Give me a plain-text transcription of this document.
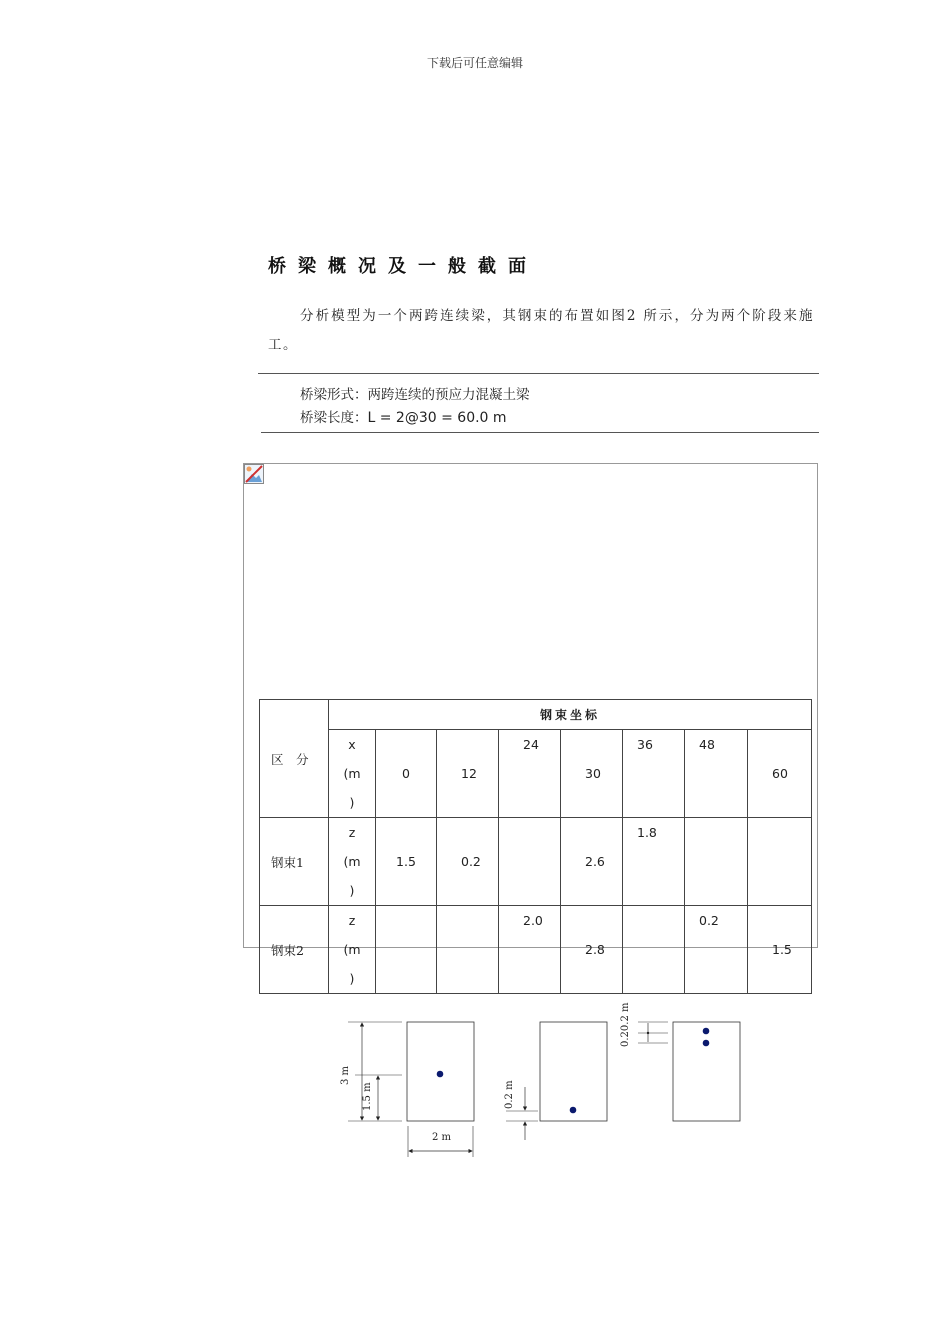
下载后可任意编辑
桥梁概况及一般截面
分析模型为一个两跨连续梁，其钢束的布置如图2 所示，分为两个阶段来施工。
桥梁形式：两跨连续的预应力混凝土梁
桥梁长度：L = 2@30 = 60.0 m
区　分	钢束坐标							

	x
(m
)	0	12	24	30	36	48	60

钢束1	z
(m
)	1.5	0.2		2.6	1.8		

钢束2	z
(m
)			2.0	2.8		0.2	1.5
3 m
1.5 m
2 m
0.2 m
0.20.2 m
